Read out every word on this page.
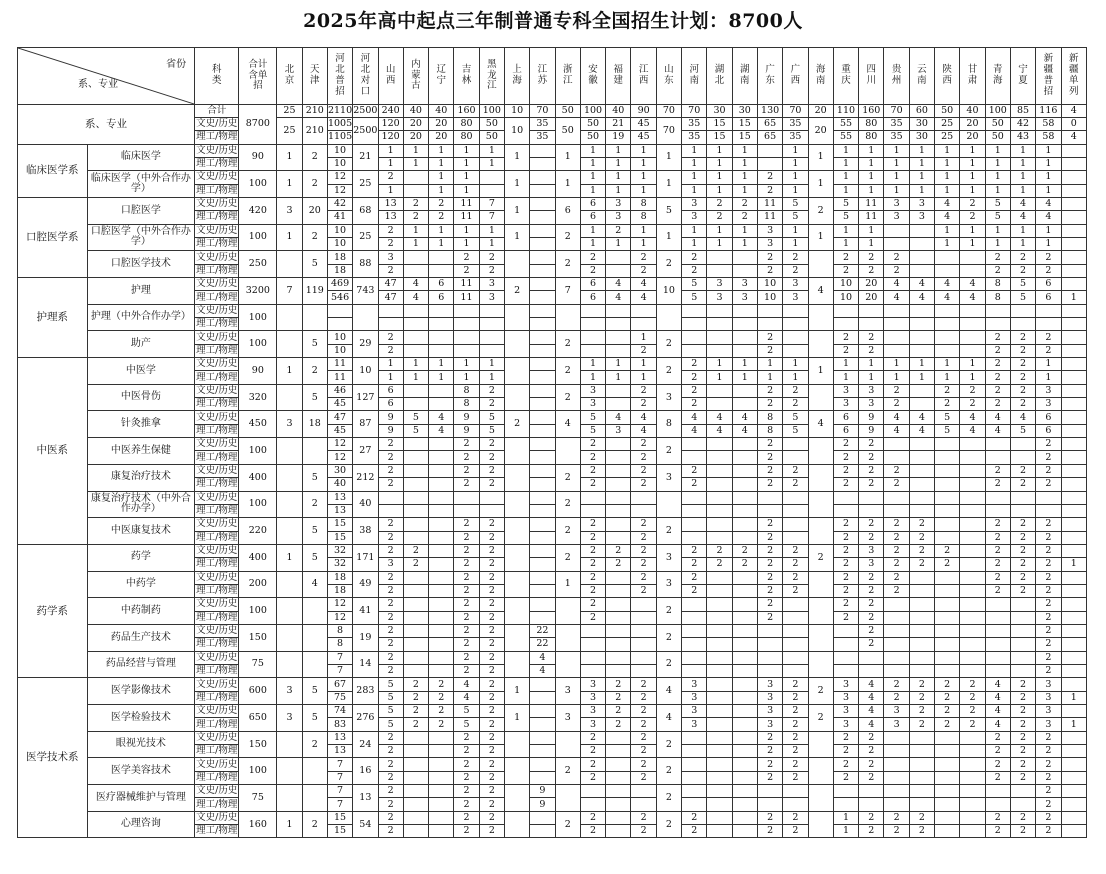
2025年高中起点三年制普通专科全国招生计划：8700人
省份
系、专业		科类	合计含单招	北京	天津	河北普招	河北对口	山西	内蒙古	辽宁	吉林	黑龙江	上海	江苏	浙江	安徽	福建	江西	山东	河南	湖北	湖南	广东	广西	海南	重庆	四川	贵州	云南	陕西	甘肃	青海	宁夏	新疆普招	新疆单列
系、专业		合计	8700	25	210	2110	2500	240	40	40	160	100	10	70	50	100	40	90	70	70	30	30	130	70	20	110	160	70	60	50	40	100	85	116	4
		文史/历史		25	210	1005	2500	120	20	20	80	50	10	35	50	50	21	45	70	35	15	15	65	35	20	55	80	35	30	25	20	50	42	58	0
		理工/物理				1105		120	20	20	80	50		35		50	19	45		35	15	15	65	35		55	80	35	30	25	20	50	43	58	4
临床医学系	临床医学	文史/历史	90	1	2	10	21	1	1	1	1	1	1		1	1	1	1	1	1	1	1		1	1	1	1	1	1	1	1	1	1	1	
		理工/物理				10		1	1	1	1	1				1	1	1		1	1	1		1		1	1	1	1	1	1	1	1	1	
	临床医学（中外合作办学）	文史/历史	100	1	2	12	25	2		1	1		1		1	1	1	1	1	1	1	1	2	1	1	1	1	1	1	1	1	1	1	1	
		理工/物理				12		1		1	1					1	1	1		1	1	1	2	1		1	1	1	1	1	1	1	1	1	
口腔医学系	口腔医学	文史/历史	420	3	20	42	68	13	2	2	11	7	1		6	6	3	8	5	3	2	2	11	5	2	5	11	3	3	4	2	5	4	4	
		理工/物理				41		13	2	2	11	7				6	3	8		3	2	2	11	5		5	11	3	3	4	2	5	4	4	
	口腔医学（中外合作办学）	文史/历史	100	1	2	10	25	2	1	1	1	1	1		2	1	2	1	1	1	1	1	3	1	1	1	1			1	1	1	1	1	
		理工/物理				10		2	1	1	1	1				1	1	1		1	1	1	3	1		1	1			1	1	1	1	1	
	口腔医学技术	文史/历史	250		5	18	88	3			2	2			2	2		2	2	2			2	2		2	2	2				2	2	2	
		理工/物理				18		2			2	2				2		2		2			2	2		2	2	2				2	2	2	
护理系	护理	文史/历史	3200	7	119	469	743	47	4	6	11	3	2		7	6	4	4	10	5	3	3	10	3	4	10	20	4	4	4	4	8	5	6	
		理工/物理				546		47	4	6	11	3				6	4	4		5	3	3	10	3		10	20	4	4	4	4	8	5	6	1
	护理（中外合作办学）	文史/历史	100																																
		理工/物理																																	
	助产	文史/历史	100		5	10	29	2							2			1	2				2			2	2					2	2	2	
		理工/物理				10		2										2					2			2	2					2	2	2	
中医系	中医学	文史/历史	90	1	2	11	10	1	1	1	1	1			2	1	1	1	2	2	1	1	1	1	1	1	1	1	1	1	1	2	2	1	
		理工/物理				11		1	1	1	1	1				1	1	1		2	1	1	1	1		1	1	1	1	1	1	2	2	1	
	中医骨伤	文史/历史	320		5	46	127	6			8	2			2	3		2	3	2			2	2		3	3	2		2	2	2	2	3	
		理工/物理				45		6			8	2				3		2		2			2	2		3	3	2		2	2	2	2	3	
	针灸推拿	文史/历史	450	3	18	47	87	9	5	4	9	5	2		4	5	4	4	8	4	4	4	8	5	4	6	9	4	4	5	4	4	4	6	
		理工/物理				45		9	5	4	9	5				5	3	4		4	4	4	8	5		6	9	4	4	5	4	4	5	6	
	中医养生保健	文史/历史	100			12	27	2			2	2				2		2	2				2			2	2							2	
		理工/物理				12		2			2	2				2		2					2			2	2							2	
	康复治疗技术	文史/历史	400		5	30	212	2			2	2			2	2		2	3	2			2	2		2	2	2				2	2	2	
		理工/物理				40		2			2	2				2		2		2			2	2		2	2	2				2	2	2	
	康复治疗技术（中外合作办学）	文史/历史	100		2	13	40								2																				
		理工/物理				13																													
	中医康复技术	文史/历史	220		5	15	38	2			2	2			2	2		2	2				2			2	2	2	2			2	2	2	
		理工/物理				15		2			2	2				2		2					2			2	2	2	2			2	2	2	
药学系	药学	文史/历史	400	1	5	32	171	2	2		2	2			2	2	2	2	3	2	2	2	2	2	2	2	3	2	2	2		2	2	2	
		理工/物理				32		3	2		2	2				2	2	2		2	2	2	2	2		2	3	2	2	2		2	2	2	1
	中药学	文史/历史	200		4	18	49	2			2	2			1	2		2	3	2			2	2		2	2	2				2	2	2	
		理工/物理				18		2			2	2				2		2		2			2	2		2	2	2				2	2	2	
	中药制药	文史/历史	100			12	41	2			2	2				2			2				2			2	2							2	
		理工/物理				12		2			2	2				2							2			2	2							2	
	药品生产技术	文史/历史	150			8	19	2			2	2		22					2								2							2	
		理工/物理				8		2			2	2		22													2							2	
	药品经营与管理	文史/历史	75			7	14	2			2	2		4					2															2	
		理工/物理				7		2			2	2		4																				2	
医学技术系	医学影像技术	文史/历史	600	3	5	67	283	5	2	2	4	2	1		3	3	2	2	4	3			3	2	2	3	4	2	2	2	2	4	2	3	
		理工/物理				75		5	2	2	4	2				3	2	2		3			3	2		3	4	2	2	2	2	4	2	3	1
	医学检验技术	文史/历史	650	3	5	74	276	5	2	2	5	2	1		3	3	2	2	4	3			3	2	2	3	4	3	2	2	2	4	2	3	
		理工/物理				83		5	2	2	5	2				3	2	2		3			3	2		3	4	3	2	2	2	4	2	3	1
	眼视光技术	文史/历史	150		2	13	24	2			2	2				2		2	2				2	2		2	2					2	2	2	
		理工/物理				13		2			2	2				2		2					2	2		2	2					2	2	2	
	医学美容技术	文史/历史	100			7	16	2			2	2			2	2		2	2				2	2		2	2					2	2	2	
		理工/物理				7		2			2	2				2		2					2	2		2	2					2	2	2	
	医疗器械维护与管理	文史/历史	75			7	13	2			2	2		9					2															2	
		理工/物理				7		2			2	2		9																				2	
	心理咨询	文史/历史	160	1	2	15	54	2			2	2			2	2		2	2	2			2	2		1	2	2	2			2	2	2	
		理工/物理				15		2			2	2				2		2		2			2	2		1	2	2	2			2	2	2	
